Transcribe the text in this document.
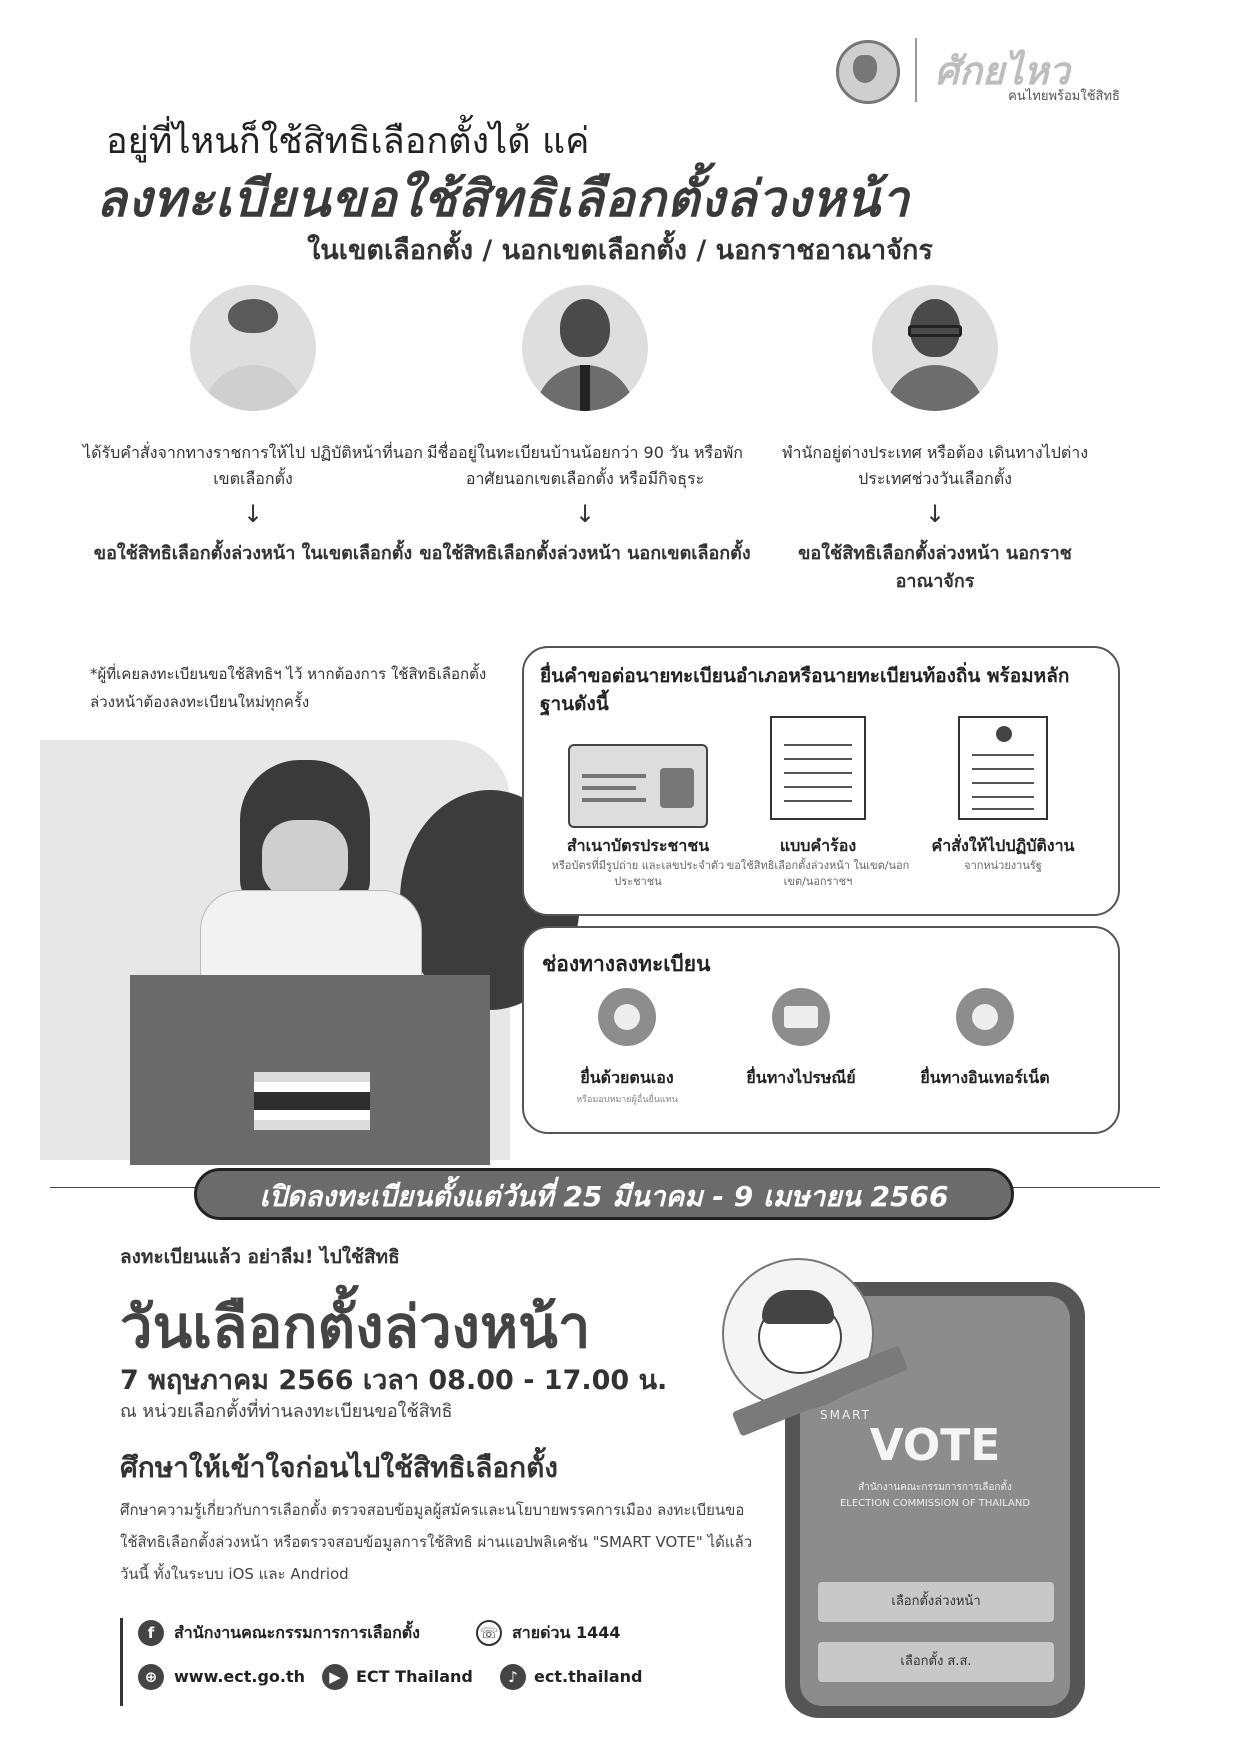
ศักยไหว
คนไทยพร้อมใช้สิทธิ
อยู่ที่ไหนก็ใช้สิทธิเลือกตั้งได้ แค่
ลงทะเบียนขอใช้สิทธิเลือกตั้งล่วงหน้า
ในเขตเลือกตั้ง / นอกเขตเลือกตั้ง / นอกราชอาณาจักร
ได้รับคำสั่งจากทางราชการให้ไป ปฏิบัติหน้าที่นอกเขตเลือกตั้ง
↓
ขอใช้สิทธิเลือกตั้งล่วงหน้า ในเขตเลือกตั้ง
มีชื่ออยู่ในทะเบียนบ้านน้อยกว่า 90 วัน หรือพักอาศัยนอกเขตเลือกตั้ง หรือมีกิจธุระ
↓
ขอใช้สิทธิเลือกตั้งล่วงหน้า นอกเขตเลือกตั้ง
พำนักอยู่ต่างประเทศ หรือต้อง เดินทางไปต่างประเทศช่วงวันเลือกตั้ง
↓
ขอใช้สิทธิเลือกตั้งล่วงหน้า นอกราชอาณาจักร
*ผู้ที่เคยลงทะเบียนขอใช้สิทธิฯ ไว้ หากต้องการ ใช้สิทธิเลือกตั้งล่วงหน้าต้องลงทะเบียนใหม่ทุกครั้ง
ยื่นคำขอต่อนายทะเบียนอำเภอหรือนายทะเบียนท้องถิ่น พร้อมหลักฐานดังนี้
สำเนาบัตรประชาชน
หรือบัตรที่มีรูปถ่าย และเลขประจำตัวประชาชน
แบบคำร้อง
ขอใช้สิทธิเลือกตั้งล่วงหน้า ในเขต/นอกเขต/นอกราชฯ
คำสั่งให้ไปปฏิบัติงาน
จากหน่วยงานรัฐ
ช่องทางลงทะเบียน
ยื่นด้วยตนเอง
หรือมอบหมายผู้อื่นยื่นแทน
ยื่นทางไปรษณีย์	ยื่นทางอินเทอร์เน็ต
เปิดลงทะเบียนตั้งแต่วันที่ 25 มีนาคม - 9 เมษายน 2566
ลงทะเบียนแล้ว อย่าลืม! ไปใช้สิทธิ
วันเลือกตั้งล่วงหน้า
7 พฤษภาคม 2566 เวลา 08.00 - 17.00 น.
ณ หน่วยเลือกตั้งที่ท่านลงทะเบียนขอใช้สิทธิ
ศึกษาให้เข้าใจก่อนไปใช้สิทธิเลือกตั้ง
ศึกษาความรู้เกี่ยวกับการเลือกตั้ง ตรวจสอบข้อมูลผู้สมัครและนโยบายพรรคการเมือง ลงทะเบียนขอใช้สิทธิเลือกตั้งล่วงหน้า หรือตรวจสอบข้อมูลการใช้สิทธิ ผ่านแอปพลิเคชัน "SMART VOTE" ได้แล้ววันนี้ ทั้งในระบบ iOS และ Andriod
f	สำนักงานคณะกรรมการการเลือกตั้ง	☏ สายด่วน 1444
⊕	www.ect.go.th	▶ ECT Thailand	♪	ect.thailand
SMART
VOTE
สำนักงานคณะกรรมการการเลือกตั้ง
ELECTION COMMISSION OF THAILAND
เลือกตั้งล่วงหน้า
เลือกตั้ง ส.ส.
